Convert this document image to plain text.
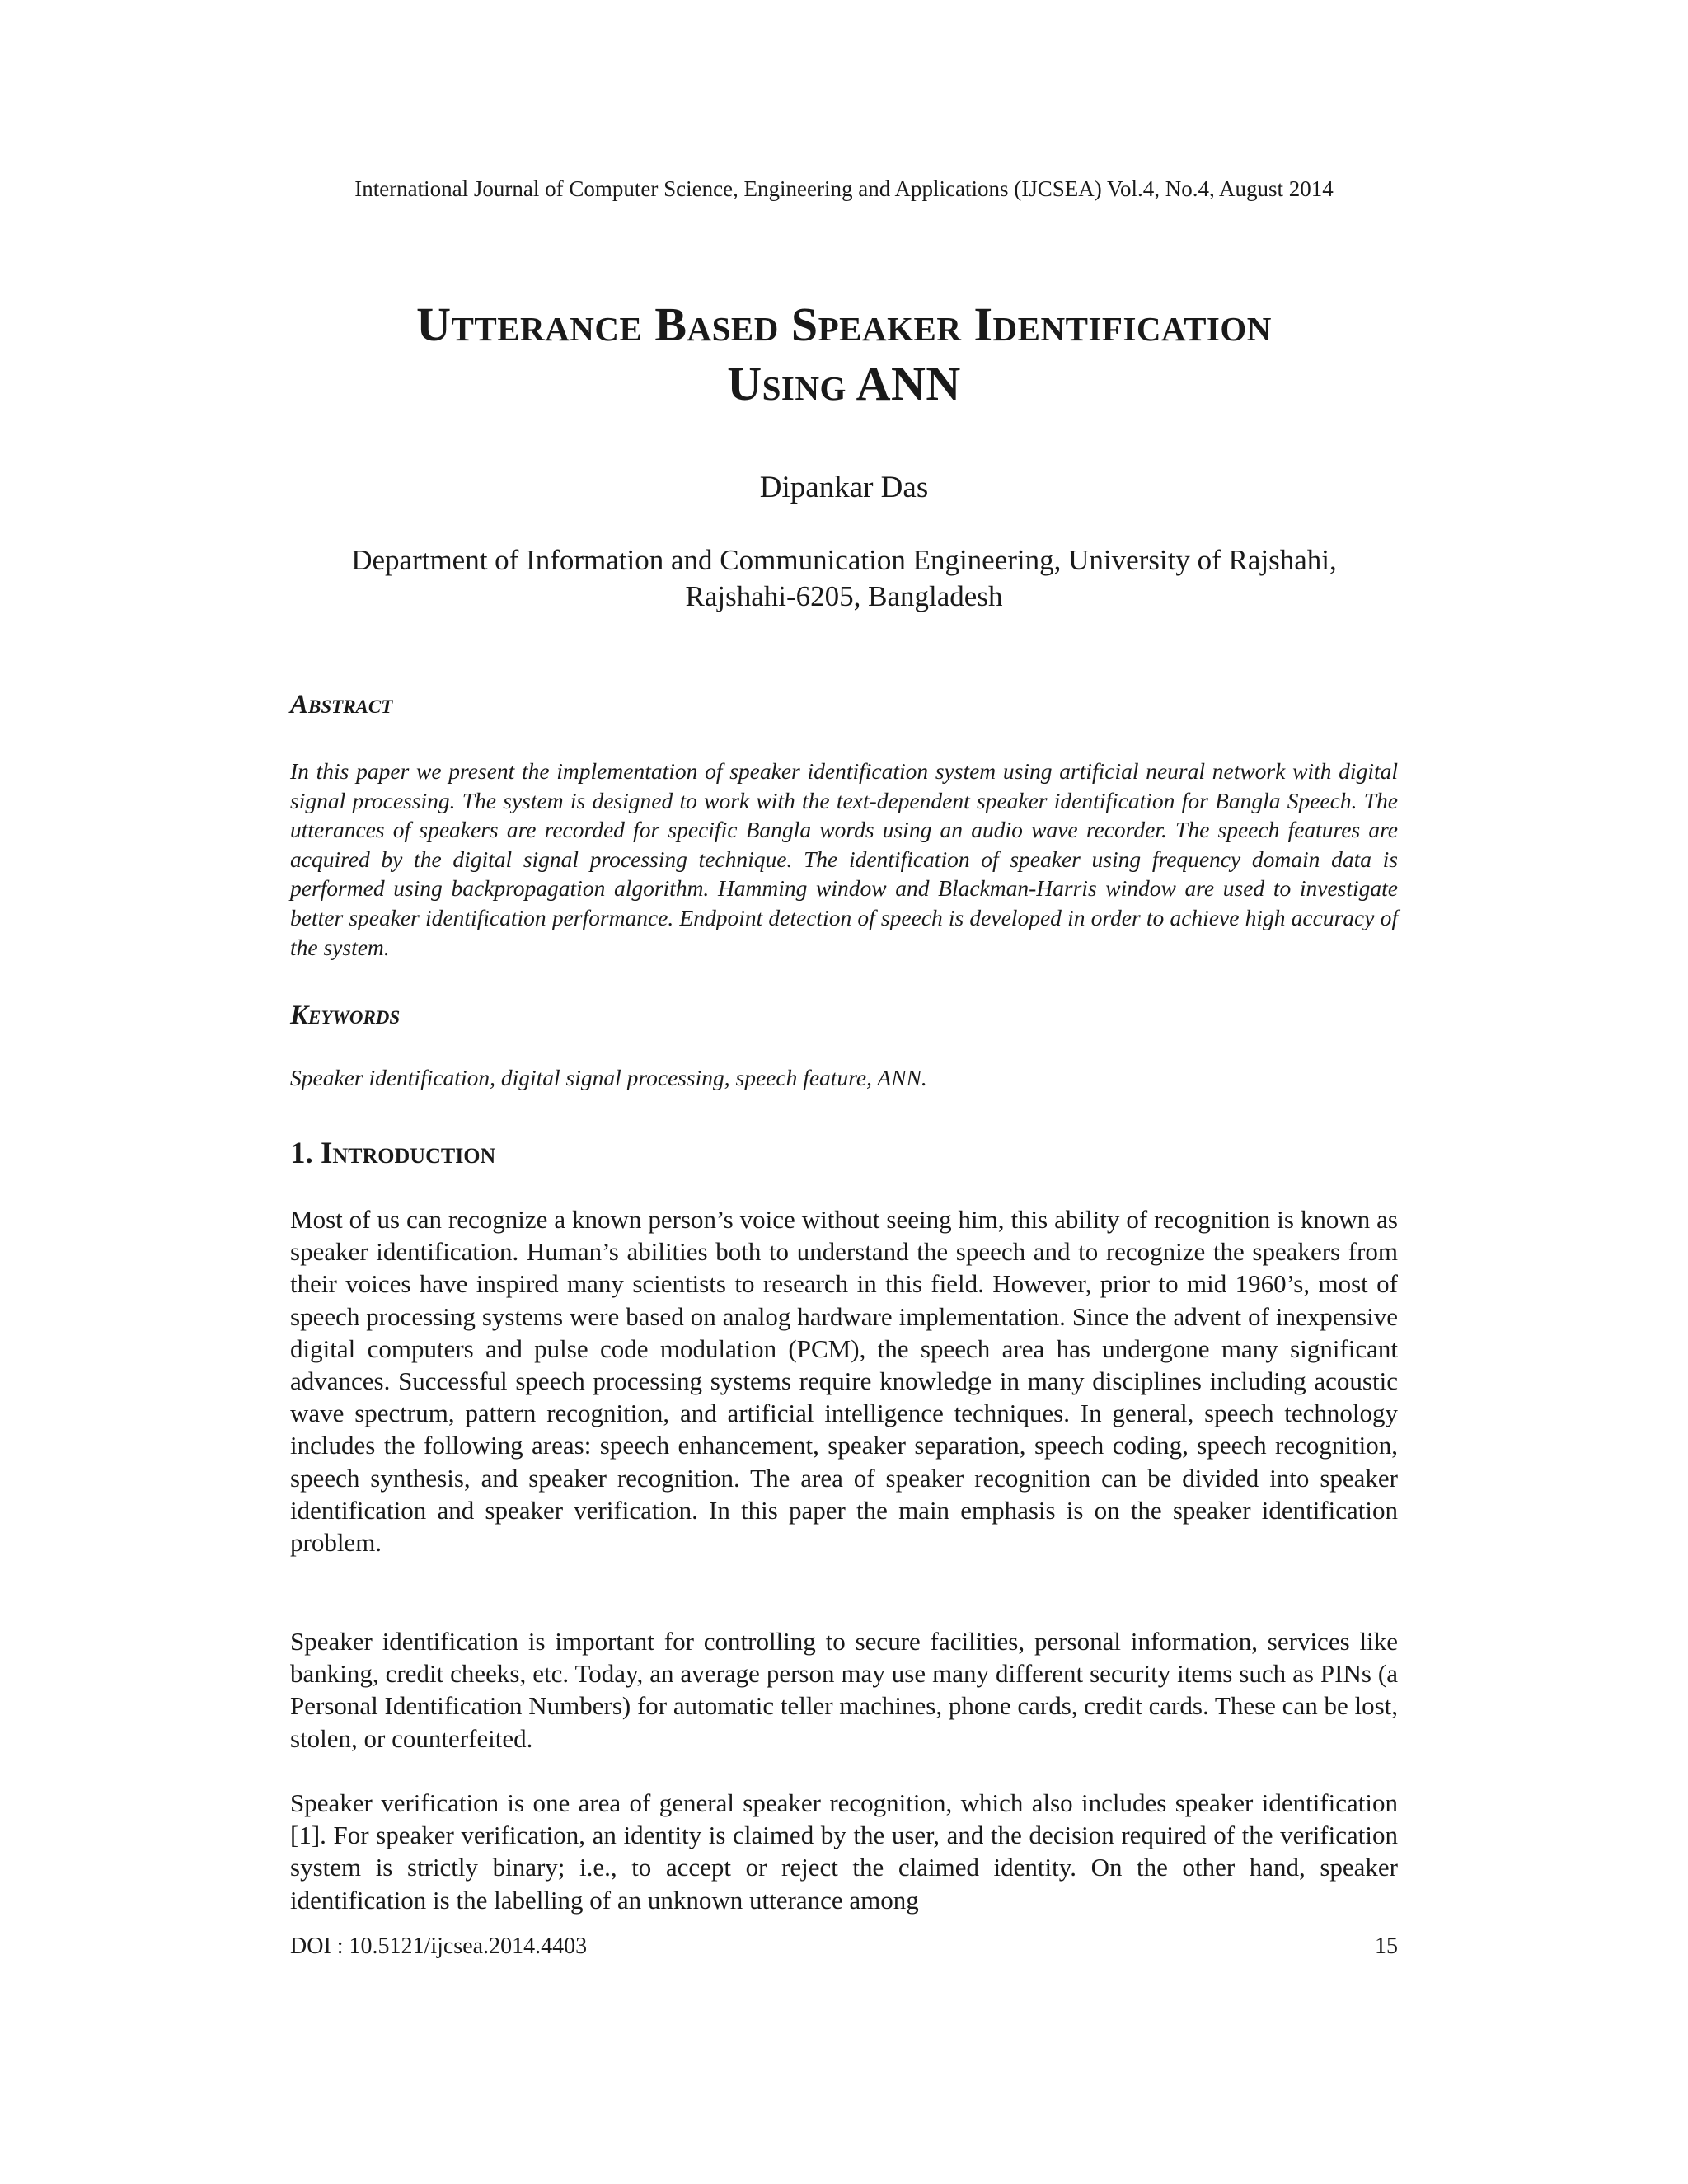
International Journal of Computer Science, Engineering and Applications (IJCSEA) Vol.4, No.4, August 2014
Utterance Based Speaker Identification
Using ANN
Dipankar Das
Department of Information and Communication Engineering, University of Rajshahi,
Rajshahi-6205, Bangladesh
Abstract
In this paper we present the implementation of speaker identification system using artificial neural network with digital signal processing. The system is designed to work with the text-dependent speaker identification for Bangla Speech. The utterances of speakers are recorded for specific Bangla words using an audio wave recorder. The speech features are acquired by the digital signal processing technique. The identification of speaker using frequency domain data is performed using backpropagation algorithm. Hamming window and Blackman-Harris window are used to investigate better speaker identification performance. Endpoint detection of speech is developed in order to achieve high accuracy of the system.
Keywords
Speaker identification, digital signal processing, speech feature, ANN.
1. Introduction
Most of us can recognize a known person’s voice without seeing him, this ability of recognition is known as speaker identification. Human’s abilities both to understand the speech and to recognize the speakers from their voices have inspired many scientists to research in this field. However, prior to mid 1960’s, most of speech processing systems were based on analog hardware implementation. Since the advent of inexpensive digital computers and pulse code modulation (PCM), the speech area has undergone many significant advances. Successful speech processing systems require knowledge in many disciplines including acoustic wave spectrum, pattern recognition, and artificial intelligence techniques. In general, speech technology includes the following areas: speech enhancement, speaker separation, speech coding, speech recognition, speech synthesis, and speaker recognition. The area of speaker recognition can be divided into speaker identification and speaker verification. In this paper the main emphasis is on the speaker identification problem.
Speaker identification is important for controlling to secure facilities, personal information, services like banking, credit cheeks, etc. Today, an average person may use many different security items such as PINs (a Personal Identification Numbers) for automatic teller machines, phone cards, credit cards. These can be lost, stolen, or counterfeited.
Speaker verification is one area of general speaker recognition, which also includes speaker identification [1]. For speaker verification, an identity is claimed by the user, and the decision required of the verification system is strictly binary; i.e., to accept or reject the claimed identity. On the other hand, speaker identification is the labelling of an unknown utterance among
DOI : 10.5121/ijcsea.2014.4403	15
